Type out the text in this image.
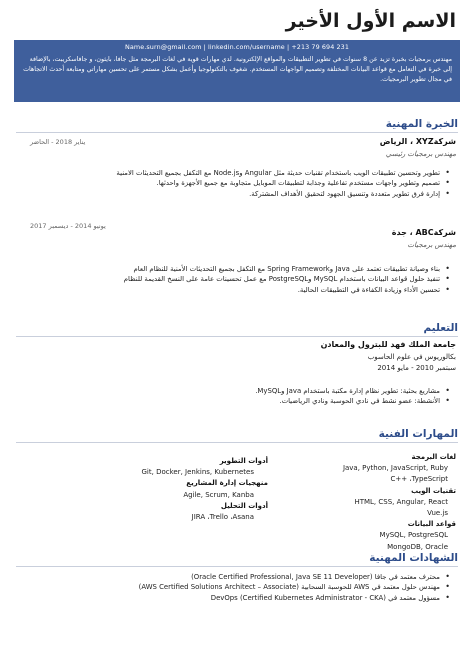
الاسم الأول الأخير
Name.surn@gmail.com | linkedin.com/username | +213 79 694 231
مهندس برمجيات بخبرة تزيد عن 8 سنوات في تطوير التطبيقات والمواقع الإلكترونية. لدي مهارات قوية في لغات البرمجة مثل جافا، بايثون، و جافاسكريبت، بالإضافة إلى خبرة في التعامل مع قواعد البيانات المختلفة وتصميم الواجهات المستخدم. شغوف بالتكنولوجيا وأعمل بشكل مستمر على تحسين مهاراتي ومتابعة أحدث الاتجاهات في مجال تطوير البرمجيات.
الخبرة المهنية
شركةXYZ ، الرياض
يناير 2018 - الحاضر
مهندس برمجيات رئيسي
• تطوير وتحسين تطبيقات الويب باستخدام تقنيات حديثة مثل Angular وNode.js مع التكفل بجميع التحديثات الامنية
• تصميم وتطوير واجهات مستخدم تفاعلية وجذابة لتطبيقات الموبايل متجاوبة مع جميع الأجهزة واحدثها.
• إدارة فرق تطوير متعددة وتنسيق الجهود لتحقيق الأهداف المشتركة.
شركةABC ، جدة
يونيو 2014 - ديسمبر 2017
مهندس برمجيات
• بناء وصيانة تطبيقات تعتمد على Java وSpring Framework مع التكفل بجميع التحديثات الأمنية للنظام العام
• تنفيذ حلول قواعد البيانات باستخدام MySQL وPostgreSQL مع عمل تحسينات عامة على النسخ القديمة للنظام
• تحسين الأداء وزيادة الكفاءة في التطبيقات الحالية.
التعليم
جامعة الملك فهد للبترول والمعادن
بكالوريوس في علوم الحاسوب
سبتمبر 2010 - مايو 2014
• مشاريع بحثية: تطوير نظام إدارة مكتبة باستخدام Java وMySQL.
• الأنشطة: عضو نشط في نادي الحوسبة ونادي الرياضيات.
المهارات الفنية
لغات البرمجة
Java, Python, JavaScript, Ruby
C++ ،TypeScript
تقنيات الويب
HTML, CSS, Angular, React
Vue.js
قواعد البيانات
MySQL, PostgreSQL
MongoDB, Oracle
أدوات التطوير
Git, Docker, Jenkins, Kubernetes
منهجيات إدارة المشاريع
Agile, Scrum, Kanba
أدوات التحليل
JIRA ،Trello ،Asana
الشهادات المهنية
• محترف معتمد في جافا (Oracle Certified Professional, Java SE 11 Developer)
• مهندس حلول معتمد في AWS للحوسبة السحابية (AWS Certified Solutions Architect – Associate)
• مسؤول معتمد في DevOps (Certified Kubernetes Administrator - CKA)
